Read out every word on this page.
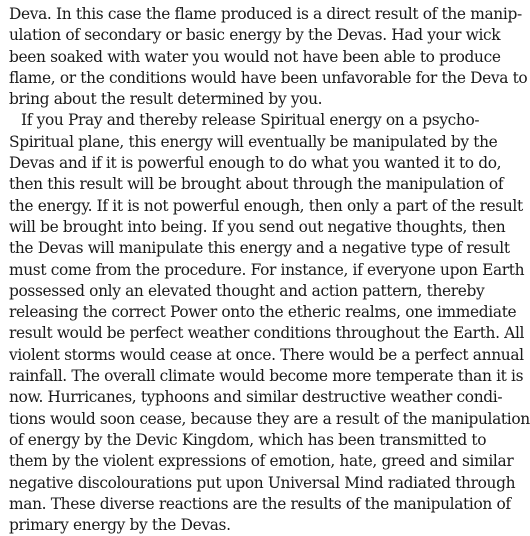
Deva. In this case the flame produced is a direct result of the manip-
ulation of secondary or basic energy by the Devas. Had your wick
been soaked with water you would not have been able to produce
flame, or the conditions would have been unfavorable for the Deva to
bring about the result determined by you.

If you Pray and thereby release Spiritual energy on a psycho-
Spiritual plane, this energy will eventually be manipulated by the
Devas and if it is powerful enough to do what you wanted it to do,
then this result will be brought about through the manipulation of
the energy. If it is not powerful enough, then only a part of the result
will be brought into being. If you send out negative thoughts, then
the Devas will manipulate this energy and a negative type of result
must come from the procedure. For instance, if everyone upon Earth
possessed only an elevated thought and action pattern, thereby
releasing the correct Power onto the etheric realms, one immediate
result would be perfect weather conditions throughout the Earth. All
violent storms would cease at once. There would be a perfect annual
rainfall. The overall climate would become more temperate than it is
now. Hurricanes, typhoons and similar destructive weather condi-
tions would soon cease, because they are a result of the manipulation
of energy by the Devic Kingdom, which has been transmitted to
them by the violent expressions of emotion, hate, greed and similar
negative discolourations put upon Universal Mind radiated through
man. These diverse reactions are the results of the manipulation of
primary energy by the Devas.
